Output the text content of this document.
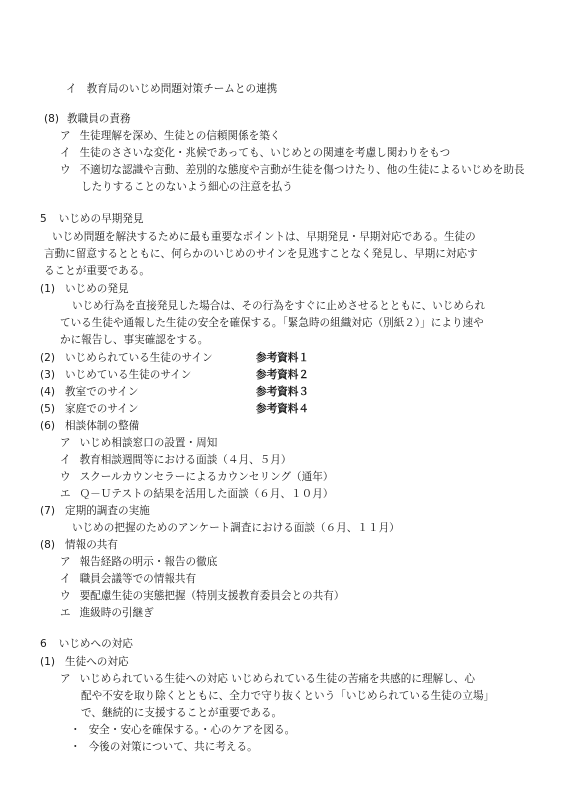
イ 教育局のいじめ問題対策チームとの連携
(8) 教職員の責務
ア 生徒理解を深め、生徒との信頼関係を築く
イ 生徒のささいな変化・兆候であっても、いじめとの関連を考慮し関わりをもつ
ウ 不適切な認識や言動、差別的な態度や言動が生徒を傷つけたり、他の生徒によるいじめを助長
したりすることのないよう細心の注意を払う
5 いじめの早期発見
いじめ問題を解決するために最も重要なポイントは、早期発見・早期対応である。生徒の
言動に留意するとともに、何らかのいじめのサインを見逃すことなく発見し、早期に対応す
ることが重要である。
(1) いじめの発見
いじめ行為を直接発見した場合は、その行為をすぐに止めさせるとともに、いじめられ
ている生徒や通報した生徒の安全を確保する。「緊急時の組織対応（別紙２）」により速や
かに報告し、事実確認をする。
(2) いじめられている生徒のサイン	参考資料１
(3) いじめている生徒のサイン	参考資料２
(4) 教室でのサイン	参考資料３
(5) 家庭でのサイン	参考資料４
(6) 相談体制の整備
ア いじめ相談窓口の設置・周知
イ 教育相談週間等における面談（４月、５月）
ウ スクールカウンセラーによるカウンセリング（通年）
エ Ｑ－Ｕテストの結果を活用した面談（６月、１０月）
(7) 定期的調査の実施
いじめの把握のためのアンケート調査における面談（６月、１１月）
(8) 情報の共有
ア 報告経路の明示・報告の徹底
イ 職員会議等での情報共有
ウ 要配慮生徒の実態把握（特別支援教育委員会との共有）
エ 進級時の引継ぎ
6 いじめへの対応
(1) 生徒への対応
ア いじめられている生徒への対応 いじめられている生徒の苦痛を共感的に理解し、心
配や不安を取り除くとともに、全力で守り抜くという「いじめられている生徒の立場」
で、継続的に支援することが重要である。
・ 安全・安心を確保する。・心のケアを図る。
・ 今後の対策について、共に考える。
